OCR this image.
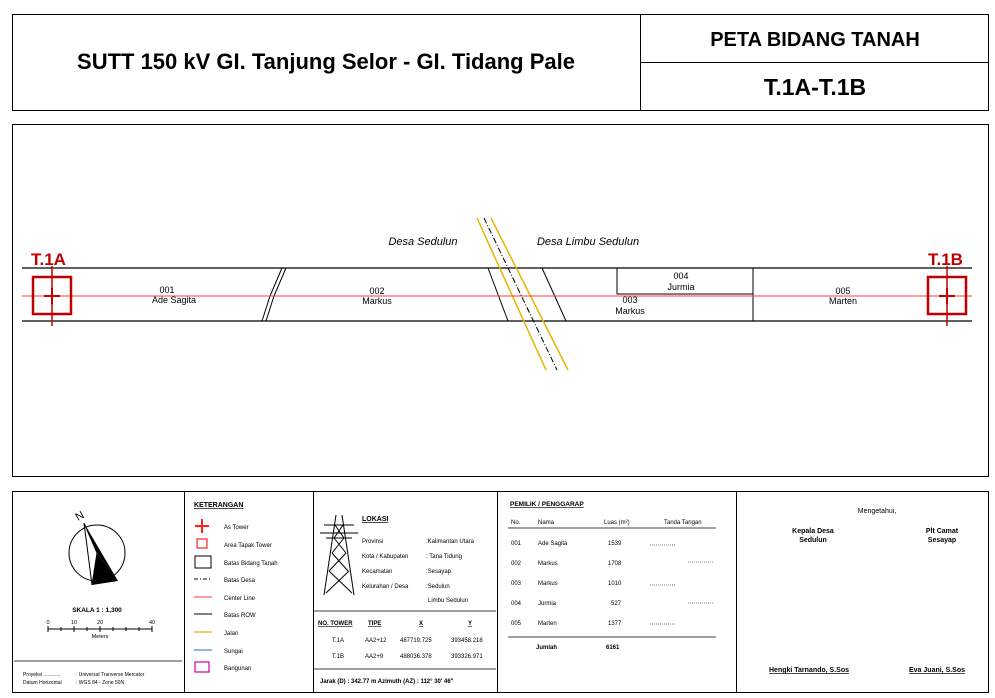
SUTT 150 kV GI. Tanjung Selor - GI. Tidang Pale
PETA BIDANG TANAH
T.1A-T.1B
T.1A	T.1B
Desa Sedulun	Desa Limbu Sedulun
001
Ade Sagita
002
Markus	003
Markus
004
Jurmia	005
Marten
N
SKALA 1 : 1,300
0	10	20	40
Meters
Proyeksi ............	: Universal Tranverse Mercator
Datum Horizontal	: WGS 84 - Zone 50N
KETERANGAN
As Tower
Area Tapak Tower
Batas Bidang Tanah
Batas Desa
Center Line
Batas ROW
Jalan
Sungai
Bangunan
LOKASI
Provinsi	:Kalimantan Utara
Kota / Kabupaten	: Tana Tidung
Kecamatan	:Sesayap
Kelurahan / Desa	:Sedulun
Limbu Sedulun
NO. TOWER	TIPE	X	Y
T.1A	AA2+12 487719.725	393458.218
T.1B	AA2+9	488036.378	393326.971
Jarak (D) : 342.77 m Azimuth (AZ) : 112° 30' 46"
PEMILIK / PENGGARAP
No.	Nama	Luas (m²)	Tanda Tangan
001	Ade Sagita	1539
002	Markus	1708
003	Markus	1010
004	Jurmia	527
005	Marten	1377
Jumlah	6161
Mengetahui,
Kepala Desa
Sedulun
Plt Camat
Sesayap
Hengki Tarnando, S.Sos	Eva Juani, S.Sos
